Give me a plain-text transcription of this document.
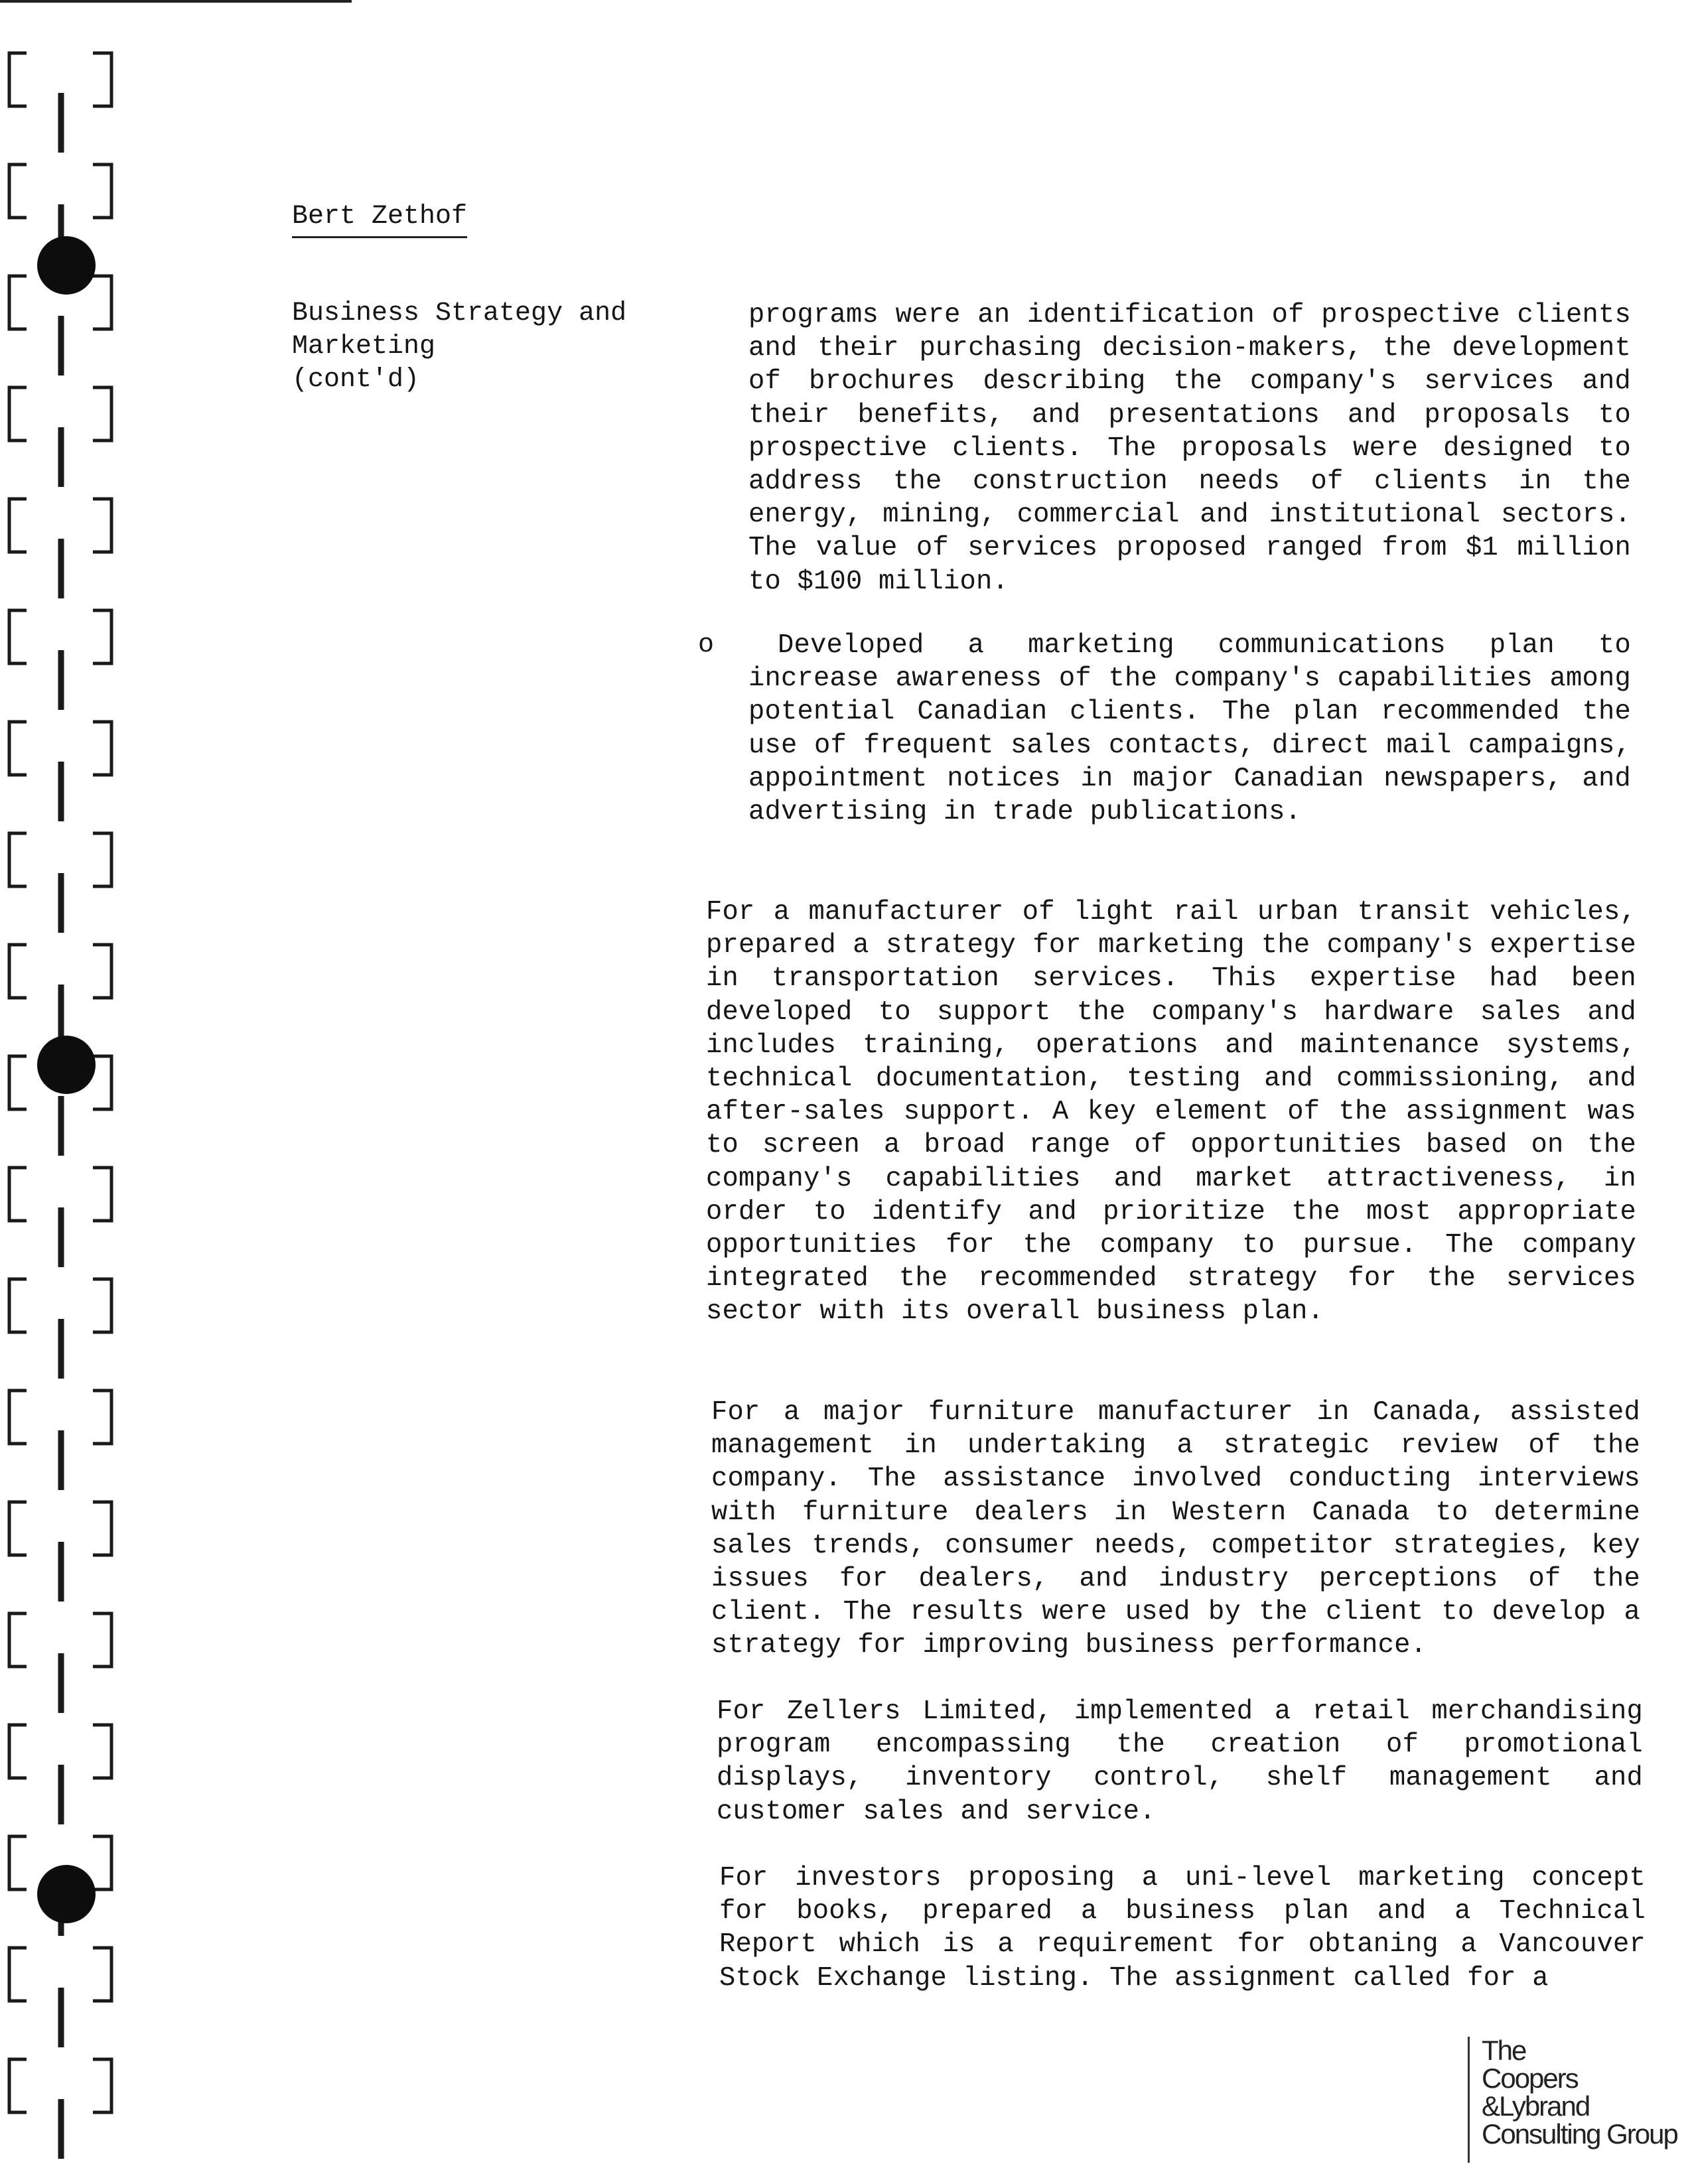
Bert Zethof
Business Strategy and
Marketing
(cont'd)
programs were an identification of prospective clients and their purchasing decision-makers, the development of brochures describing the company's services and their benefits, and presentations and proposals to prospective clients. The proposals were designed to address the construction needs of clients in the energy, mining, commercial and institutional sectors. The value of services proposed ranged from $1 million to $100 million.
o	Developed a marketing communications plan to increase awareness of the company's capabilities among potential Canadian clients. The plan recommended the use of frequent sales contacts, direct mail campaigns, appointment notices in major Canadian newspapers, and advertising in trade publications.
For a manufacturer of light rail urban transit vehicles, prepared a strategy for marketing the company's expertise in transportation services. This expertise had been developed to support the company's hardware sales and includes training, operations and maintenance systems, technical documentation, testing and commissioning, and after-sales support. A key element of the assignment was to screen a broad range of opportunities based on the company's capabilities and market attractiveness, in order to identify and prioritize the most appropriate opportunities for the company to pursue. The company integrated the recommended strategy for the services sector with its overall business plan.
For a major furniture manufacturer in Canada, assisted management in undertaking a strategic review of the company. The assistance involved conducting interviews with furniture dealers in Western Canada to determine sales trends, consumer needs, competitor strategies, key issues for dealers, and industry perceptions of the client. The results were used by the client to develop a strategy for improving business performance.
For Zellers Limited, implemented a retail merchandising program encompassing the creation of promotional displays, inventory control, shelf management and customer sales and service.
For investors proposing a uni-level marketing concept for books, prepared a business plan and a Technical Report which is a requirement for obtaning a Vancouver Stock Exchange listing. The assignment called for a
The
Coopers
&Lybrand
Consulting Group
